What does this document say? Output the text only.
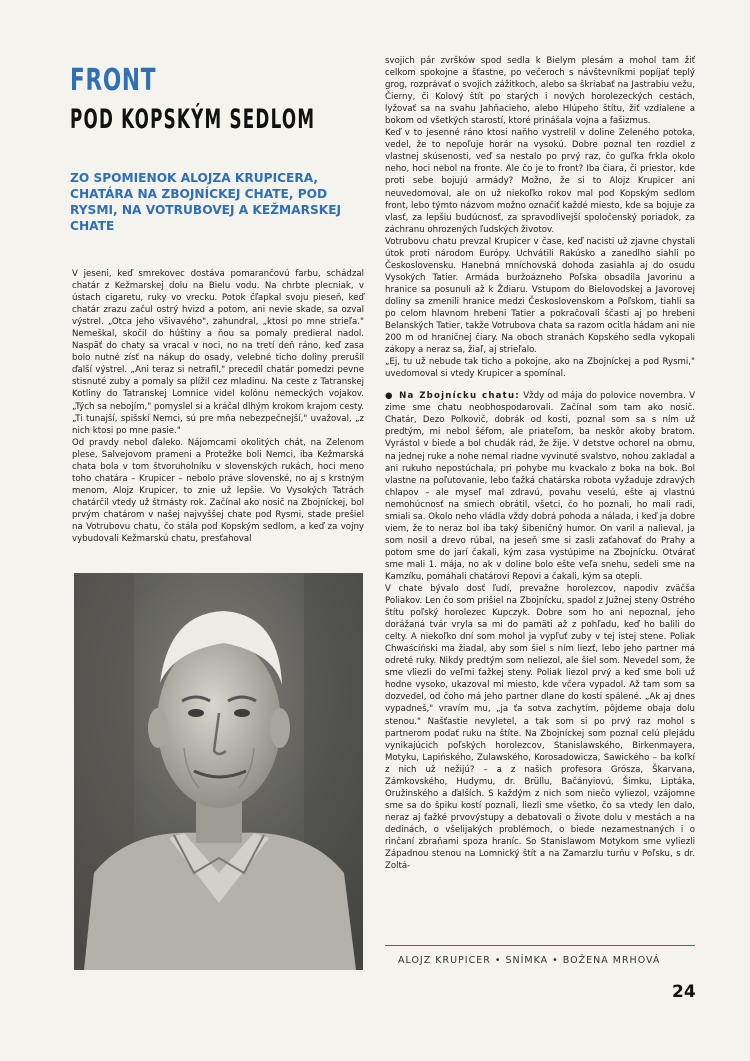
FRONT
POD KOPSKÝM SEDLOM
ZO SPOMIENOK ALOJZA KRUPICERA, CHATÁRA NA ZBOJNÍCKEJ CHATE, POD RYSMI, NA VOTRUBOVEJ A KEŽMARSKEJ CHATE

V jeseni, keď smrekovec dostáva pomarančovú farbu, schádzal chatár z Kežmarskej dolu na Bielu vodu. Na chrbte plecniak, v ústach cigaretu, ruky vo vrecku. Potok čľapkal svoju pieseň, keď chatár zrazu začul ostrý hvizd a potom, ani nevie skade, sa ozval výstrel. „Otca jeho všivavého", zahundral, „ktosi po mne strieľa." Nemeškal, skočil do húštiny a ňou sa pomaly predieral nadol. Naspäť do chaty sa vracal v noci, no na tretí deň ráno, keď zasa bolo nutné zísť na nákup do osady, velebné ticho doliny prerušil ďalší výstrel. „Ani teraz si netrafil," precedil chatár pomedzi pevne stisnuté zuby a pomaly sa plížil cez mladinu. Na ceste z Tatranskej Kotliny do Tatranskej Lomnice videl kolónu nemeckých vojakov. „Tých sa nebojím," pomyslel si a kráčal dlhým krokom krajom cesty. „Ti tunajší, spišskí Nemci, sú pre mňa nebezpečnejší," uvažoval, „z nich ktosi po mne pasie."

Od pravdy nebol ďaleko. Nájomcami okolitých chát, na Zelenom plese, Salvejovom prameni a Protežke boli Nemci, iba Kežmarská chata bola v tom štvoruholníku v slovenských rukách, hoci meno toho chatára – Krupicer – nebolo práve slovenské, no aj s krstným menom, Alojz Krupicer, to znie už lepšie. Vo Vysokých Tatrách chatárčil vtedy už štrnásty rok. Začínal ako nosič na Zbojníckej, bol prvým chatárom v našej najvyššej chate pod Rysmi, stade prešiel na Votrubovu chatu, čo stála pod Kopským sedlom, a keď za vojny vybudovali Kežmarskú chatu, presťahoval

svojich pár zvršków spod sedla k Bielym plesám a mohol tam žiť celkom spokojne a šťastne, po večeroch s návštevníkmi popíjať teplý grog, rozprávať o svojich zážitkoch, alebo sa škriabať na Jastrabiu vežu, Čierny, či Kolový štít po starých i nových horolezeckých cestách, lyžovať sa na svahu Jahňacieho, alebo Hlúpeho štítu, žiť vzdialene a bokom od všetkých starostí, ktoré prinášala vojna a fašizmus.

Keď v to jesenné ráno ktosi naňho vystrelil v doline Zeleného potoka, vedel, že to nepoľuje horár na vysokú. Dobre poznal ten rozdiel z vlastnej skúsenosti, veď sa nestalo po prvý raz, čo guľka frkla okolo neho, hoci nebol na fronte. Ale čo je to front? Iba čiara, či priestor, kde proti sebe bojujú armády? Možno, že si to Alojz Krupicer ani neuvedomoval, ale on už niekoľko rokov mal pod Kopským sedlom front, lebo týmto názvom možno označiť každé miesto, kde sa bojuje za vlasť, za lepšiu budúcnosť, za spravodlivejší spoločenský poriadok, za záchranu ohrozených ľudských životov.

Votrubovu chatu prevzal Krupicer v čase, keď nacisti už zjavne chystali útok proti národom Európy. Uchvátili Rakúsko a zanedlho siahli po Československu. Hanebná mníchovská dohoda zasiahla aj do osudu Vysokých Tatier. Armáda buržoázneho Poľska obsadila Javorinu a hranice sa posunuli až k Ždiaru. Vstupom do Bielovodskej a Javorovej doliny sa zmenili hranice medzi Československom a Poľskom, tiahli sa po celom hlavnom hrebeni Tatier a pokračovali ščasti aj po hrebeni Belanských Tatier, takže Votrubova chata sa razom ocitla hádam ani nie 200 m od hraničnej čiary. Na oboch stranách Kopského sedla vykopali zákopy a neraz sa, žiaľ, aj strieľalo.

„Ej, tu už nebude tak ticho a pokojne, ako na Zbojníckej a pod Rysmi," uvedomoval si vtedy Krupicer a spomínal.

● Na Zbojnícku chatu: Vždy od mája do polovice novembra. V zime sme chatu neobhospodarovali. Začínal som tam ako nosič. Chatár, Dezo Polkovič, dobrák od kosti, poznal som sa s ním už predtým, mi nebol šéfom, ale priateľom, ba neskôr akoby bratom. Vyrástol v biede a bol chudák rád, že žije. V detstve ochorel na obrnu, na jednej ruke a nohe nemal riadne vyvinuté svalstvo, nohou zakladal a ani rukuho nepostúchala, pri pohybe mu kvackalo z boka na bok. Bol vlastne na poľutovanie, lebo ťažká chatárska robota vyžaduje zdravých chlapov – ale myseľ mal zdravú, povahu veselú, ešte aj vlastnú nemohúcnosť na smiech obrátil, všetci, čo ho poznali, ho mali radi, smiali sa. Okolo neho vládla vždy dobrá pohoda a nálada, i keď ja dobre viem, že to neraz bol iba taký šibeničný humor. On varil a nalieval, ja som nosil a drevo rúbal, na jeseň sme si zasli zaťahovať do Prahy a potom sme do jarí čakali, kým zasa vystúpime na Zbojnícku. Otvárať sme mali 1. mája, no ak v doline bolo ešte veľa snehu, sedeli sme na Kamzíku, pomáhali chatárovi Repovi a čakali, kým sa otepli.

V chate bývalo dosť ľudí, prevažne horolezcov, napodiv zväčša Poliakov. Len čo som prišiel na Zbojnícku, spadol z Južnej steny Ostrého štítu poľský horolezec Kupczyk. Dobre som ho ani nepoznal, jeho dorážaná tvár vryla sa mi do pamäti až z pohľadu, keď ho balili do celty. A niekoľko dní som mohol ja vypľuť zuby v tej istej stene. Poliak Chwaściński ma žiadal, aby som šiel s ním liezť, lebo jeho partner má odreté ruky. Nikdy predtým som neliezol, ale šiel som. Nevedel som, že sme vliezli do veľmi ťažkej steny. Poliak liezol prvý a keď sme boli už hodne vysoko, ukazoval mi miesto, kde včera vypadol. Až tam som sa dozvedel, od čoho má jeho partner dlane do kosti spálené. „Ak aj dnes vypadneš," vravím mu, „ja ťa sotva zachytím, pôjdeme obaja dolu stenou." Našťastie nevyletel, a tak som si po prvý raz mohol s partnerom podať ruku na štíte. Na Zbojníckej som poznal celú plejádu vynikajúcich poľských horolezcov, Stanislawského, Birkenmayera, Motyku, Lapińského, Zulawského, Korosadowicza, Sawického – ba koľkí z nich už nežijú? – a z našich profesora Grósza, Škarvana, Zámkovského, Hudymu, dr. Brüllu, Bačányiovú, Šimku, Liptáka, Oružinského a ďalších. S každým z nich som niečo vyliezol, vzájomne sme sa do špiku kostí poznali, liezli sme všetko, čo sa vtedy len dalo, neraz aj ťažké prvovýstupy a debatovali o živote dolu v mestách a na dedinách, o všelijakých problémoch, o biede nezamestnaných i o rinčaní zbraňami spoza hraníc. So Stanislawom Motykom sme vyliezli Západnou stenou na Lomnický štít a na Zamarzlu turňu v Poľsku, s dr. Zoltá-

ALOJZ KRUPICER • SNÍMKA • BOŽENA MRHOVÁ
24
